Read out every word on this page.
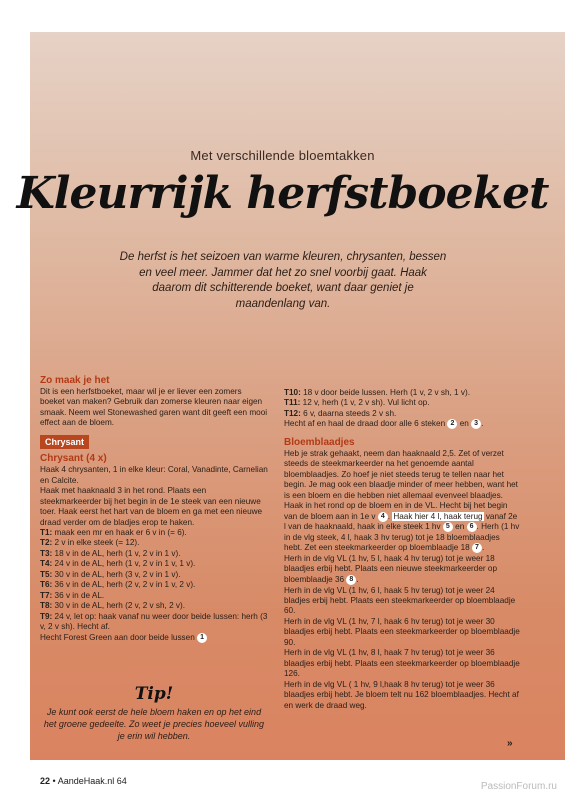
Met verschillende bloemtakken
Kleurrijk herfstboeket
De herfst is het seizoen van warme kleuren, chrysanten, bessen en veel meer. Jammer dat het zo snel voorbij gaat. Haak daarom dit schitterende boeket, want daar geniet je maandenlang van.

Zo maak je het

Dit is een herfstboeket, maar wil je er liever een zomers boeket van maken? Gebruik dan zomerse kleuren naar eigen smaak. Neem wel Stonewashed garen want dit geeft een mooi effect aan de bloem.

Chrysant

Chrysant (4 x)

Haak 4 chrysanten, 1 in elke kleur: Coral, Vanadinte, Carnelian en Calcite.

Haak met haaknaald 3 in het rond. Plaats een steekmarkeerder bij het begin in de 1e steek van een nieuwe toer. Haak eerst het hart van de bloem en ga met een nieuwe draad verder om de bladjes erop te haken.

T1: maak een mr en haak er 6 v in (= 6).

T2: 2 v in elke steek (= 12).

T3: 18 v in de AL, herh (1 v, 2 v in 1 v).

T4: 24 v in de AL, herh (1 v, 2 v in 1 v, 1 v).

T5: 30 v in de AL, herh (3 v, 2 v in 1 v).

T6: 36 v in de AL, herh (2 v, 2 v in 1 v, 2 v).

T7: 36 v in de AL.

T8: 30 v in de AL, herh (2 v, 2 v sh, 2 v).

T9: 24 v, let op: haak vanaf nu weer door beide lussen: herh (3 v, 2 v sh). Hecht af.

Hecht Forest Green aan door beide lussen 1

Tip!
Je kunt ook eerst de hele bloem haken en op het eind het groene gedeelte. Zo weet je precies hoeveel vulling je erin wil hebben.

T10: 18 v door beide lussen. Herh (1 v, 2 v sh, 1 v).

T11: 12 v, herh (1 v, 2 v sh). Vul licht op.

T12: 6 v, daarna steeds 2 v sh.

Hecht af en haal de draad door alle 6 steken 2 en 3 .

Bloemblaadjes

Heb je strak gehaakt, neem dan haaknaald 2,5. Zet of verzet steeds de steekmarkeerder na het genoemde aantal bloemblaadjes. Zo hoef je niet steeds terug te tellen naar het begin. Je mag ook een blaadje minder of meer hebben, want het is een bloem en die hebben niet allemaal evenveel blaadjes.

Haak in het rond op de bloem en in de VL. Hecht bij het begin van de bloem aan in 1e v 4 . Haak hier 4 l, haak terug vanaf 2e l van de haaknaald, haak in elke steek 1 hv 5 en 6 . Herh (1 hv in de vlg steek, 4 l, haak 3 hv terug) tot je 18 bloemblaadjes hebt. Zet een steekmarkeerder op bloemblaadje 18 7 .

Herh in de vlg VL (1 hv, 5 l, haak 4 hv terug) tot je weer 18 blaadjes erbij hebt. Plaats een nieuwe steekmarkeerder op bloemblaadje 36 8 .

Herh in de vlg VL (1 hv, 6 l, haak 5 hv terug) tot je weer 24 bladjes erbij hebt. Plaats een steekmarkeerder op bloemblaadje 60.

Herh in de vlg VL (1 hv, 7 l, haak 6 hv terug) tot je weer 30 blaadjes erbij hebt. Plaats een steekmarkeerder op bloemblaadje 90.

Herh in de vlg VL (1 hv, 8 l, haak 7 hv terug) tot je weer 36 blaadjes erbij hebt. Plaats een steekmarkeerder op bloemblaadje 126.

Herh in de vlg VL ( 1 hv, 9 l,haak 8 hv terug) tot je weer 36 blaadjes erbij hebt. Je bloem telt nu 162 bloemblaadjes. Hecht af en werk de draad weg.

»
22 • AandeHaak.nl 64	PassionForum.ru
